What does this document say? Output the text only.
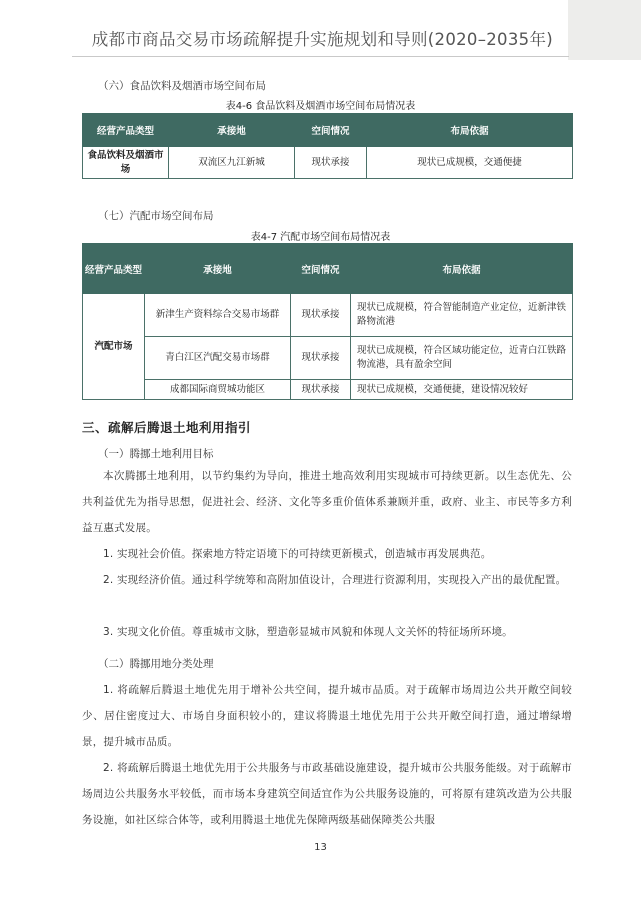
成都市商品交易市场疏解提升实施规划和导则(2020–2035年)
（六）食品饮料及烟酒市场空间布局
表4-6 食品饮料及烟酒市场空间布局情况表
经营产品类型	承接地	空间情况	布局依据
食品饮料及烟酒市场	双流区九江新城	现状承接	现状已成规模，交通便捷
（七）汽配市场空间布局
表4-7 汽配市场空间布局情况表
经营产品类型	承接地	空间情况	布局依据
汽配市场	新津生产资料综合交易市场群	现状承接	现状已成规模，符合智能制造产业定位，近新津铁路物流港
	青白江区汽配交易市场群	现状承接	现状已成规模，符合区域功能定位，近青白江铁路物流港，具有盈余空间
	成都国际商贸城功能区	现状承接	现状已成规模，交通便捷，建设情况较好
三、疏解后腾退土地利用指引
（一）腾挪土地利用目标
本次腾挪土地利用，以节约集约为导向，推进土地高效利用实现城市可持续更新。以生态优先、公共利益优先为指导思想，促进社会、经济、文化等多重价值体系兼顾并重，政府、业主、市民等多方利益互惠式发展。
1. 实现社会价值。探索地方特定语境下的可持续更新模式，创造城市再发展典范。
2. 实现经济价值。通过科学统筹和高附加值设计，合理进行资源利用，实现投入产出的最优配置。
3. 实现文化价值。尊重城市文脉，塑造彰显城市风貌和体现人文关怀的特征场所环境。
（二）腾挪用地分类处理
1. 将疏解后腾退土地优先用于增补公共空间，提升城市品质。对于疏解市场周边公共开敞空间较少、居住密度过大、市场自身面积较小的，建议将腾退土地优先用于公共开敞空间打造，通过增绿增景，提升城市品质。
2. 将疏解后腾退土地优先用于公共服务与市政基础设施建设，提升城市公共服务能级。对于疏解市场周边公共服务水平较低，而市场本身建筑空间适宜作为公共服务设施的，可将原有建筑改造为公共服务设施，如社区综合体等，或利用腾退土地优先保障两级基础保障类公共服
13
